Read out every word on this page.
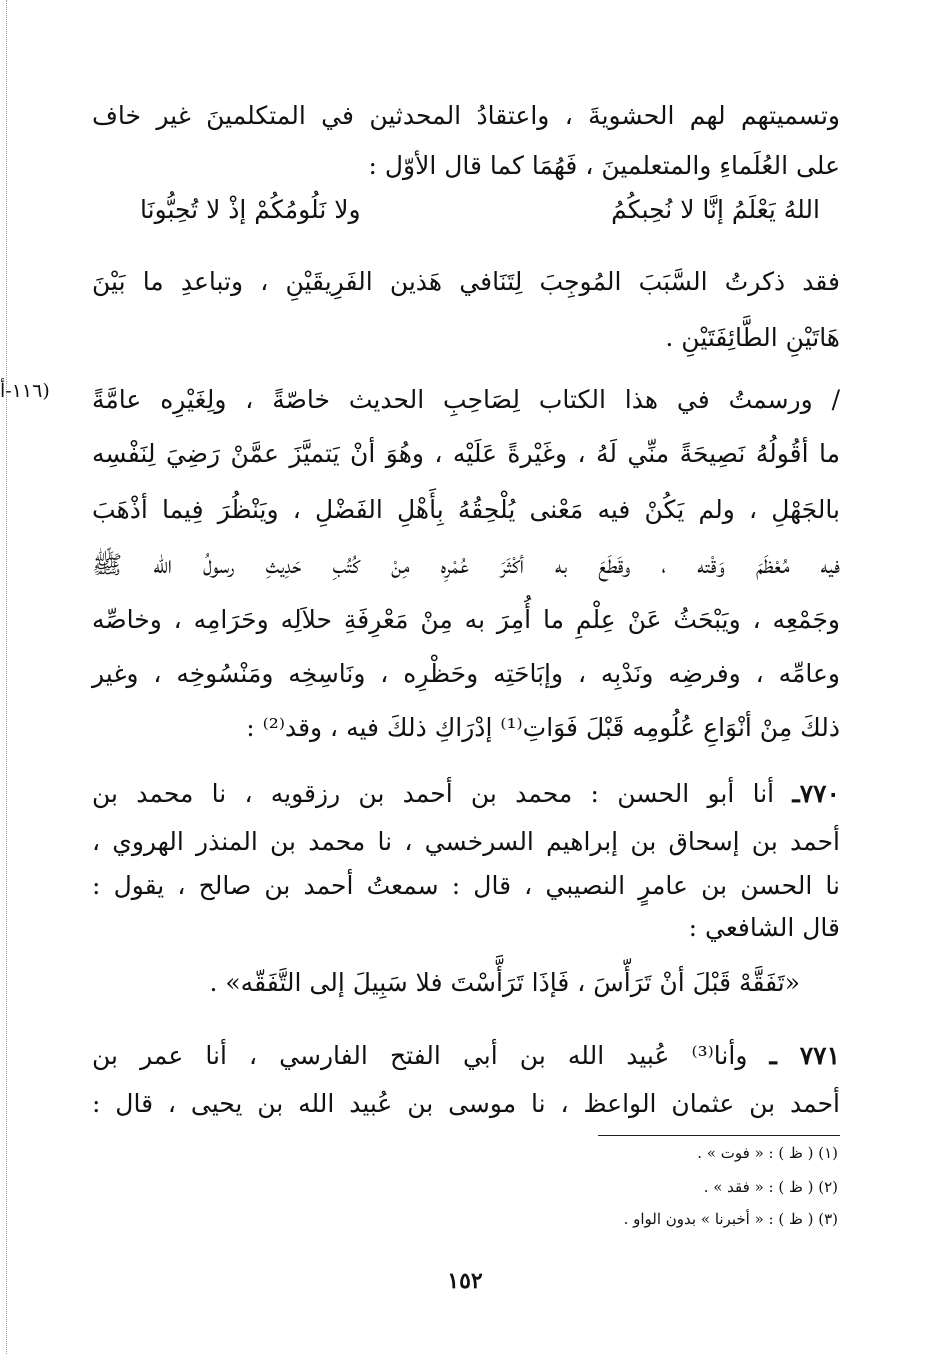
وتسميتهم لهم الحشويةَ ، واعتقادُ المحدثين في المتكلمينَ غير خاف
على العُلَماءِ والمتعلمينَ ، فَهُمَا كما قال الأوّل :
اللهُ يَعْلَمُ إنَّا لا نُحِبكُمُ
ولا نَلُومُكُمْ إذْ لا تُحِبُّونَا
فقد ذكرتُ السَّبَبَ المُوجِبَ لِتَنَافي هَذين الفَرِيقَيْنِ ، وتباعدِ ما بَيْنَ
هَاتَيْنِ الطَّائِفَتَيْنِ .
(١١٦-أ / ورسمتُ في هذا الكتاب لِصَاحِبِ الحديث خاصّةً ، ولِغَيْرِه عامَّةً
ما أقُولُهُ نَصِيحَةً منِّي لَهُ ، وغَيْرةً عَلَيْه ، وهُوَ أنْ يَتميَّزَ عمَّنْ رَضِيَ لِنَفْسِه
بالجَهْلِ ، ولم يَكُنْ فيه مَعْنى يُلْحِقُهُ بِأَهْلِ الفَضْلِ ، ويَنْظُرَ فِيما أذْهَبَ
فيه مُعْظَمَ وَقْته ، وقَطَعَ به أكْثَرَ عُمْرِه مِنْ كُتُبِ حَدِيثِ رسولُ الله ﷺ
وجَمْعِه ، ويَبْحَثُ عَنْ عِلْمِ ما أُمِرَ به مِنْ مَعْرِفَةِ حلاَلِه وحَرَامِه ، وخاصِّه
وعامِّه ، وفرضِه ونَدْبِه ، وإبَاحَتِه وحَظْرِه ، ونَاسِخِه ومَنْسُوخِه ، وغير
ذلكَ مِنْ أنْوَاعِ عُلُومِه قَبْلَ فَوَاتِ⁽¹⁾ إدْرَاكِ ذلكَ فيه ، وقد⁽²⁾ :
٧٧٠ـ أنا أبو الحسن : محمد بن أحمد بن رزقويه ، نا محمد بن
أحمد بن إسحاق بن إبراهيم السرخسي ، نا محمد بن المنذر الهروي ،
نا الحسن بن عامرٍ النصيبي ، قال : سمعتُ أحمد بن صالح ، يقول :
قال الشافعي :
«تَفَقَّهْ قَبْلَ أنْ تَرَأّسَ ، فَإذَا تَرَأَّسْتَ فلا سَبِيلَ إلى التَّفَقّه» .
٧٧١ ـ وأنا⁽³⁾ عُبيد الله بن أبي الفتح الفارسي ، أنا عمر بن
أحمد بن عثمان الواعظ ، نا موسى بن عُبيد الله بن يحيى ، قال :
(١) ( ظ ) : « فوت » .
(٢) ( ظ ) : « فقد » .
(٣) ( ظ ) : « أخبرنا » بدون الواو .
١٥٢
